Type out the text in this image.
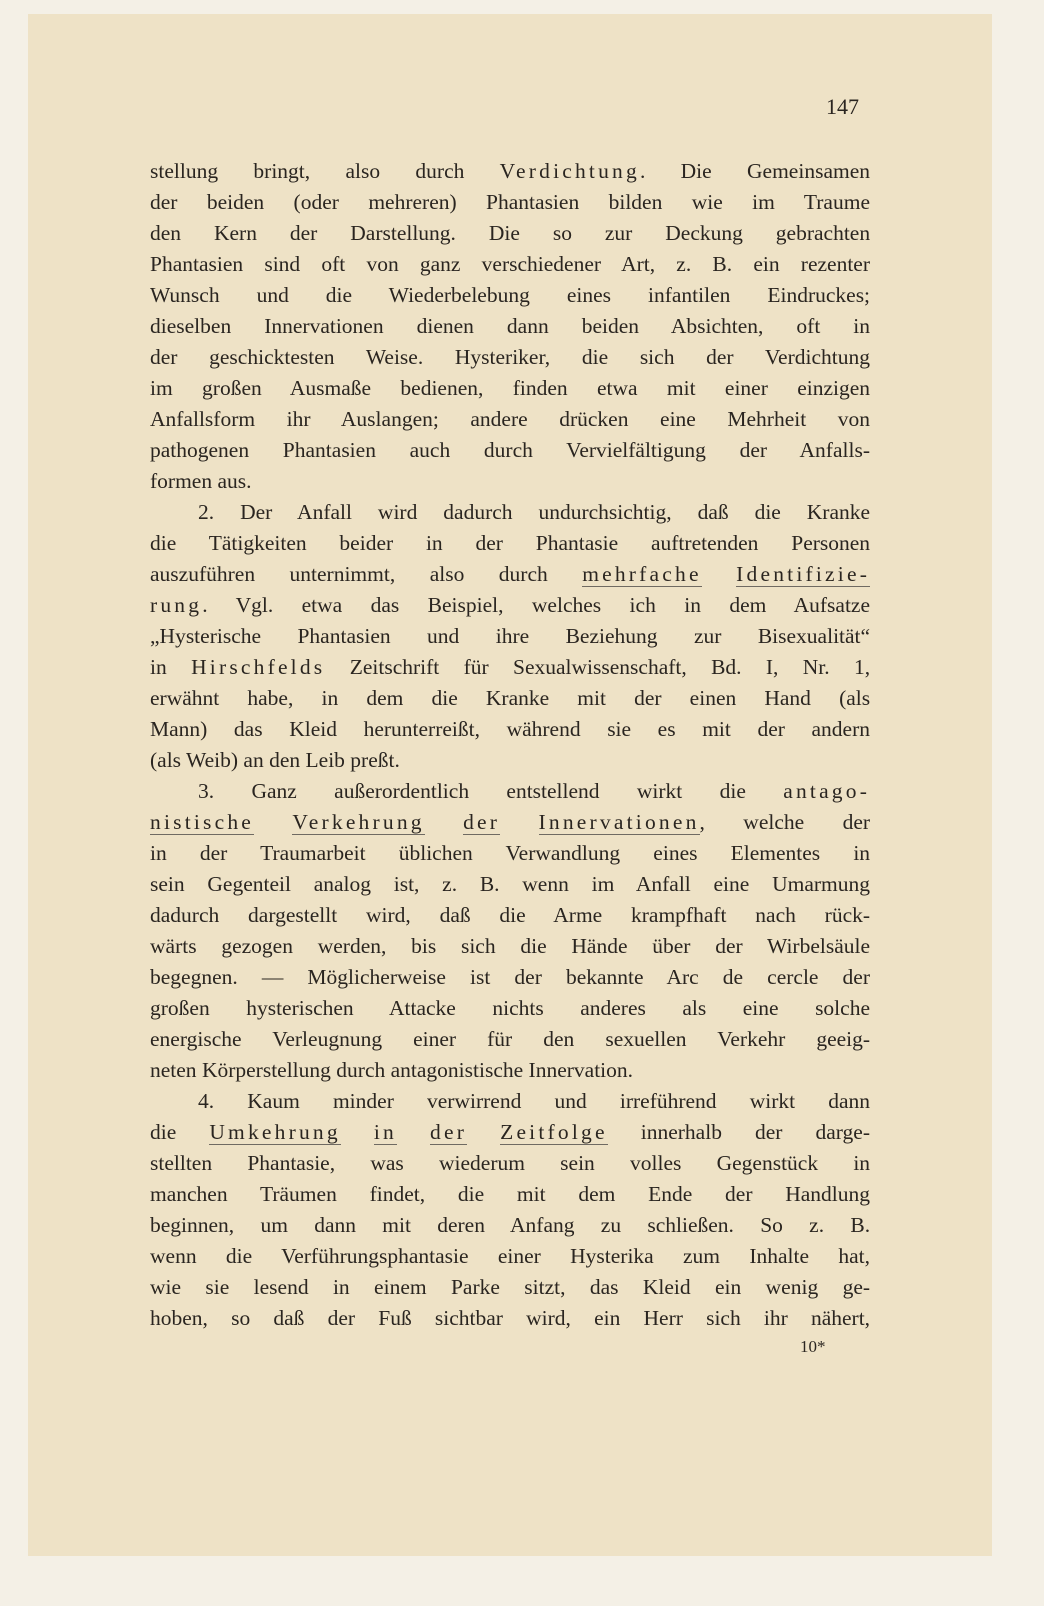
147
stellung bringt, also durch Verdichtung. Die Gemeinsamen
der beiden (oder mehreren) Phantasien bilden wie im Traume
den Kern der Darstellung. Die so zur Deckung gebrachten
Phantasien sind oft von ganz verschiedener Art, z. B. ein rezenter
Wunsch und die Wiederbelebung eines infantilen Eindruckes;
dieselben Innervationen dienen dann beiden Absichten, oft in
der geschicktesten Weise. Hysteriker, die sich der Verdichtung
im großen Ausmaße bedienen, finden etwa mit einer einzigen
Anfallsform ihr Auslangen; andere drücken eine Mehrheit von
pathogenen Phantasien auch durch Vervielfältigung der Anfalls-
formen aus.
2. Der Anfall wird dadurch undurchsichtig, daß die Kranke
die Tätigkeiten beider in der Phantasie auftretenden Personen
auszuführen unternimmt, also durch mehrfache Identifizie-
rung. Vgl. etwa das Beispiel, welches ich in dem Aufsatze
„Hysterische Phantasien und ihre Beziehung zur Bisexualität“
in Hirschfelds Zeitschrift für Sexualwissenschaft, Bd. I, Nr. 1,
erwähnt habe, in dem die Kranke mit der einen Hand (als
Mann) das Kleid herunterreißt, während sie es mit der andern
(als Weib) an den Leib preßt.
3. Ganz außerordentlich entstellend wirkt die antago-
nistische Verkehrung der Innervationen, welche der
in der Traumarbeit üblichen Verwandlung eines Elementes in
sein Gegenteil analog ist, z. B. wenn im Anfall eine Umarmung
dadurch dargestellt wird, daß die Arme krampfhaft nach rück-
wärts gezogen werden, bis sich die Hände über der Wirbelsäule
begegnen. — Möglicherweise ist der bekannte Arc de cercle der
großen hysterischen Attacke nichts anderes als eine solche
energische Verleugnung einer für den sexuellen Verkehr geeig-
neten Körperstellung durch antagonistische Innervation.
4. Kaum minder verwirrend und irreführend wirkt dann
die Umkehrung in der Zeitfolge innerhalb der darge-
stellten Phantasie, was wiederum sein volles Gegenstück in
manchen Träumen findet, die mit dem Ende der Handlung
beginnen, um dann mit deren Anfang zu schließen. So z. B.
wenn die Verführungsphantasie einer Hysterika zum Inhalte hat,
wie sie lesend in einem Parke sitzt, das Kleid ein wenig ge-
hoben, so daß der Fuß sichtbar wird, ein Herr sich ihr nähert,
10*
